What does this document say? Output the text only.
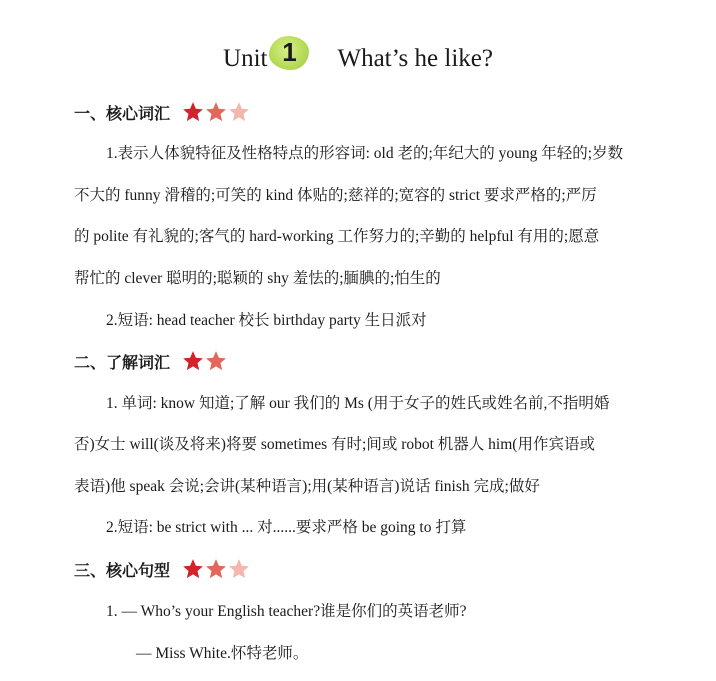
Unit 1	What’s he like?
一、核心词汇
1.表示人体貌特征及性格特点的形容词: old 老的;年纪大的 young 年轻的;岁数
不大的 funny 滑稽的;可笑的 kind 体贴的;慈祥的;宽容的 strict 要求严格的;严厉
的 polite 有礼貌的;客气的 hard-working 工作努力的;辛勤的 helpful 有用的;愿意
帮忙的 clever 聪明的;聪颖的 shy 羞怯的;腼腆的;怕生的
2.短语: head teacher 校长 birthday party 生日派对
二、了解词汇
1. 单词: know 知道;了解 our 我们的 Ms (用于女子的姓氏或姓名前,不指明婚
否)女士 will(谈及将来)将要 sometimes 有时;间或 robot 机器人 him(用作宾语或
表语)他 speak 会说;会讲(某种语言);用(某种语言)说话 finish 完成;做好
2.短语: be strict with ... 对......要求严格 be going to 打算
三、核心句型
1. — Who’s your English teacher?谁是你们的英语老师?
— Miss White.怀特老师。
